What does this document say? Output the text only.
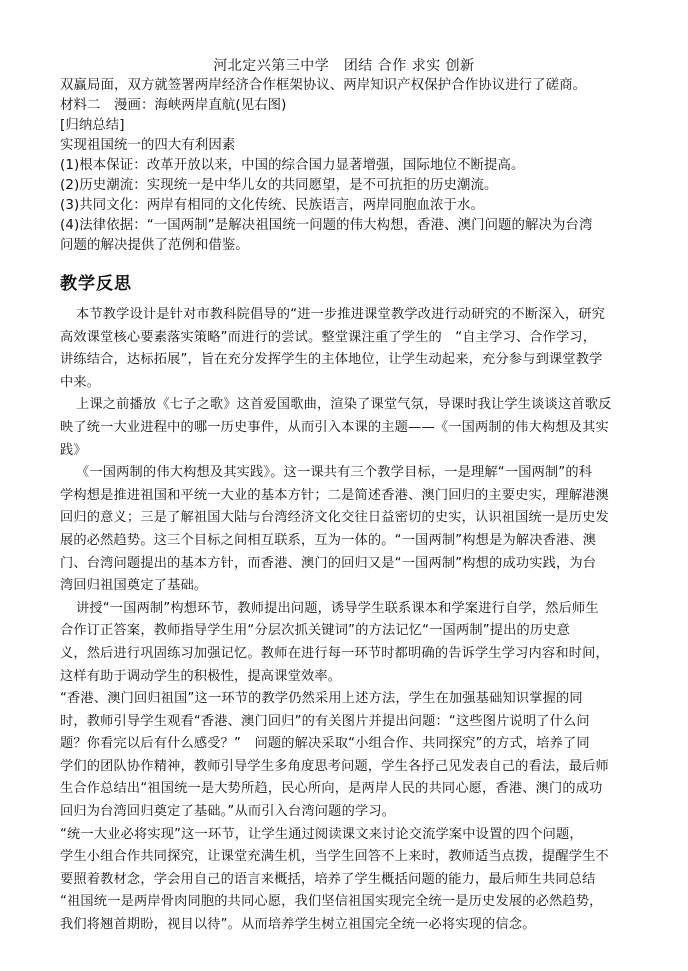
河北定兴第三中学　 团结 合作 求实 创新
双赢局面，双方就签署两岸经济合作框架协议、两岸知识产权保护合作协议进行了磋商。
材料二　漫画：海峡两岸直航(见右图)
[归纳总结]
实现祖国统一的四大有利因素
(1)根本保证：改革开放以来，中国的综合国力显著增强，国际地位不断提高。
(2)历史潮流：实现统一是中华儿女的共同愿望，是不可抗拒的历史潮流。
(3)共同文化：两岸有相同的文化传统、民族语言，两岸同胞血浓于水。
(4)法律依据：“一国两制”是解决祖国统一问题的伟大构想，香港、澳门问题的解决为台湾
问题的解决提供了范例和借鉴。
教学反思
本节教学设计是针对市教科院倡导的“进一步推进课堂教学改进行动研究的不断深入，研究
高效课堂核心要素落实策略”而进行的尝试。整堂课注重了学生的　“自主学习、合作学习，
讲练结合，达标拓展”，旨在充分发挥学生的主体地位，让学生动起来，充分参与到课堂教学
中来。
上课之前播放《七子之歌》这首爱国歌曲，渲染了课堂气氛，导课时我让学生谈谈这首歌反
映了统一大业进程中的哪一历史事件，从而引入本课的主题——《一国两制的伟大构想及其实
践》
《一国两制的伟大构想及其实践》。这一课共有三个教学目标，一是理解“一国两制”的科
学构想是推进祖国和平统一大业的基本方针；二是简述香港、澳门回归的主要史实，理解港澳
回归的意义；三是了解祖国大陆与台湾经济文化交往日益密切的史实，认识祖国统一是历史发
展的必然趋势。这三个目标之间相互联系，互为一体的。“一国两制”构想是为解决香港、澳
门、台湾问题提出的基本方针，而香港、澳门的回归又是“一国两制”构想的成功实践，为台
湾回归祖国奠定了基础。
讲授“一国两制”构想环节，教师提出问题，诱导学生联系课本和学案进行自学，然后师生
合作订正答案，教师指导学生用“分层次抓关键词”的方法记忆“一国两制”提出的历史意
义，然后进行巩固练习加强记忆。教师在进行每一环节时都明确的告诉学生学习内容和时间，
这样有助于调动学生的积极性，提高课堂效率。
“香港、澳门回归祖国”这一环节的教学仍然采用上述方法，学生在加强基础知识掌握的同
时，教师引导学生观看“香港、澳门回归”的有关图片并提出问题：“这些图片说明了什么问
题？你看完以后有什么感受？”　问题的解决采取“小组合作、共同探究”的方式，培养了同
学们的团队协作精神，教师引导学生多角度思考问题，学生各抒己见发表自己的看法，最后师
生合作总结出“祖国统一是大势所趋，民心所向，是两岸人民的共同心愿，香港、澳门的成功
回归为台湾回归奠定了基础。”从而引入台湾问题的学习。
“统一大业必将实现”这一环节，让学生通过阅读课文来讨论交流学案中设置的四个问题，
学生小组合作共同探究，让课堂充满生机，当学生回答不上来时，教师适当点拨，提醒学生不
要照着教材念，学会用自己的语言来概括，培养了学生概括问题的能力，最后师生共同总结
“祖国统一是两岸骨肉同胞的共同心愿，我们坚信祖国实现完全统一是历史发展的必然趋势，
我们将翘首期盼，视目以待”。从而培养学生树立祖国完全统一必将实现的信念。
